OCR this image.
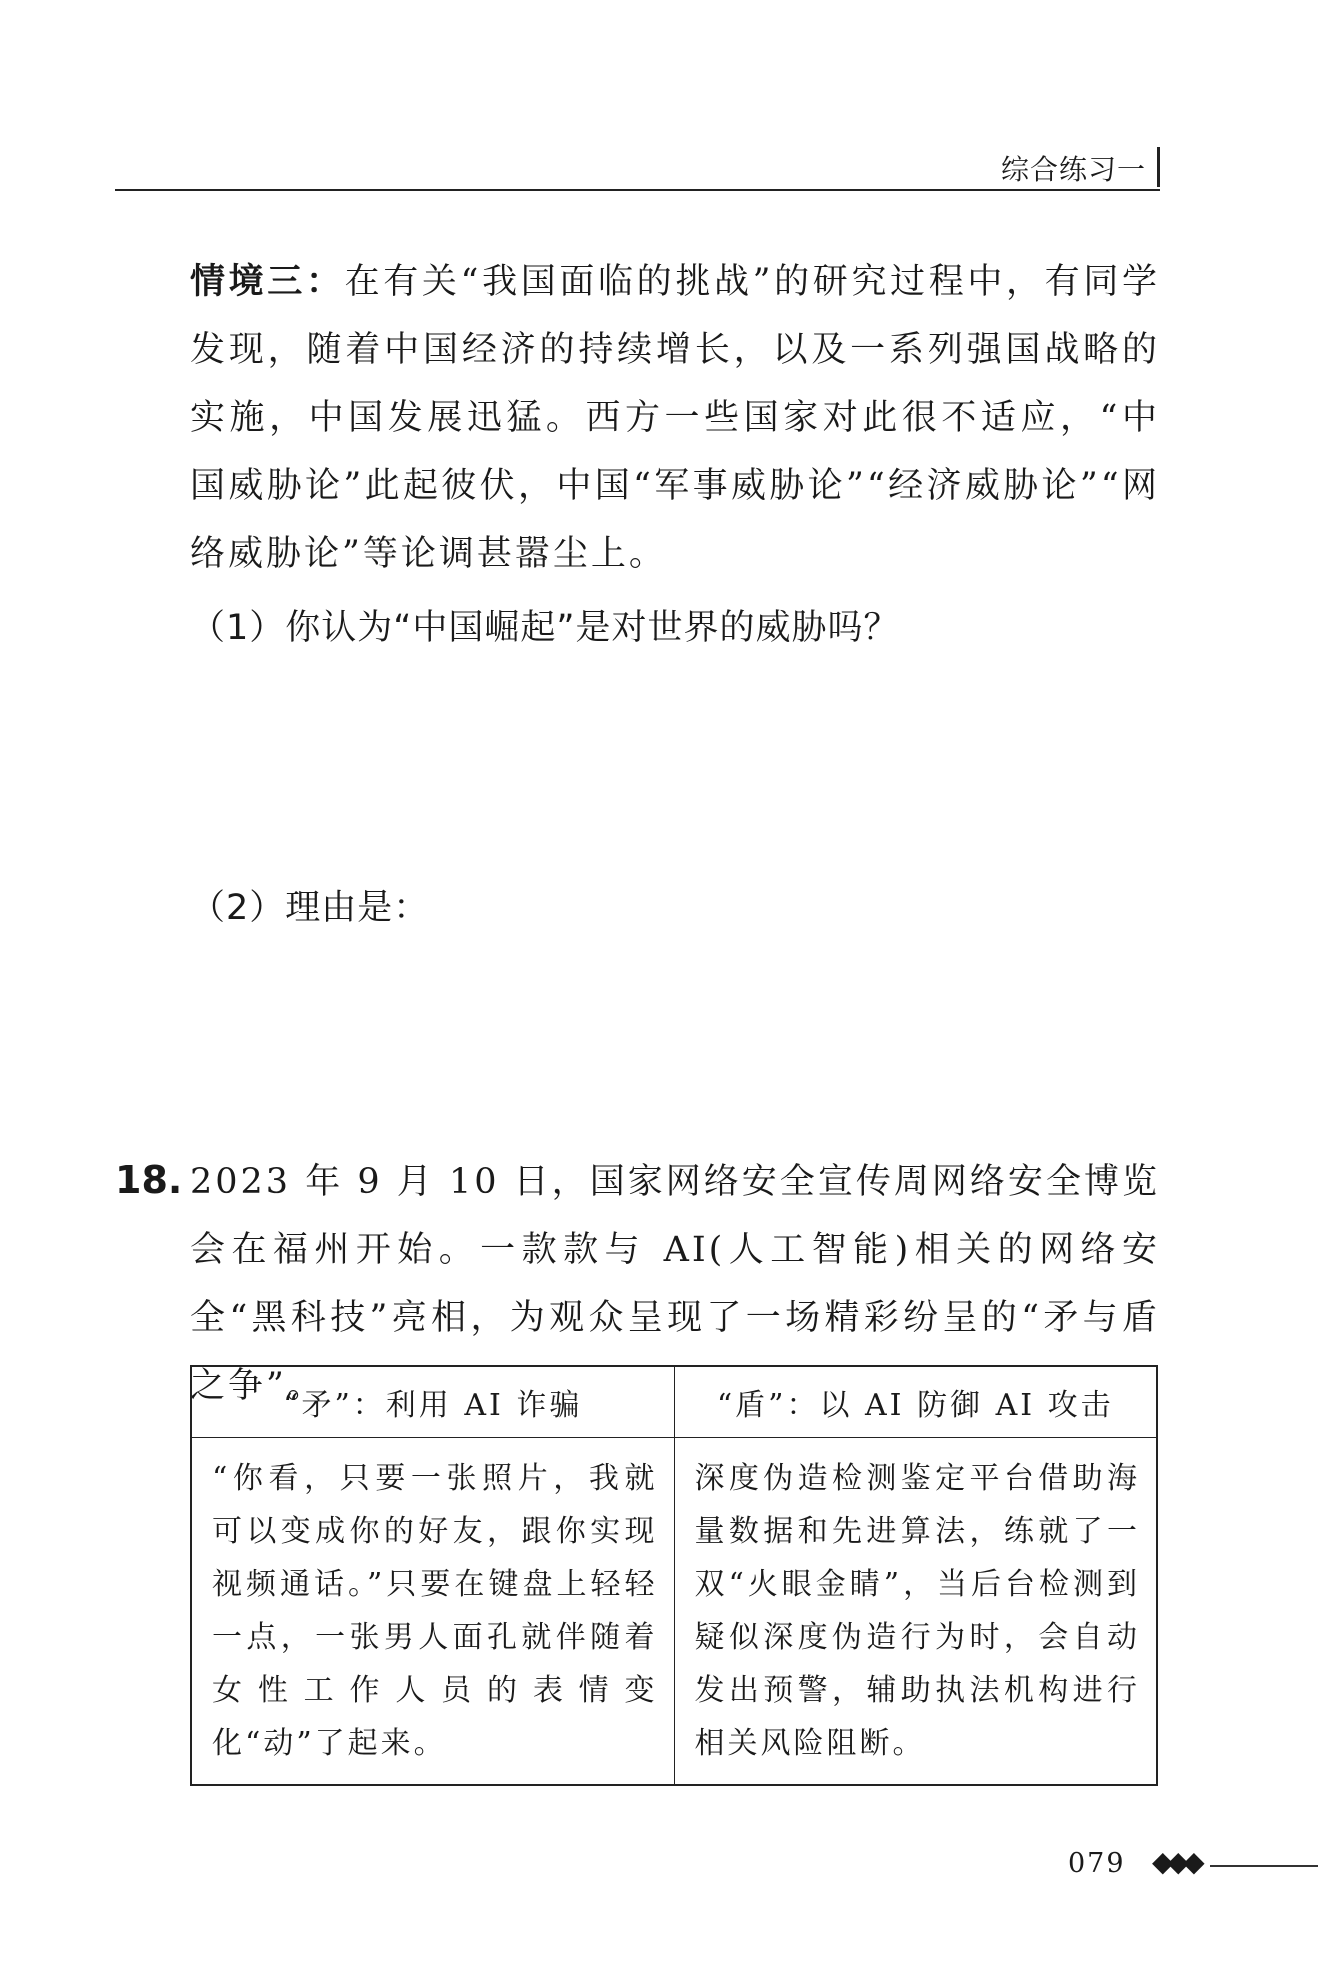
综合练习一
情境三：在有关“我国面临的挑战”的研究过程中，有同学发现，随着中国经济的持续增长，以及一系列强国战略的实施，中国发展迅猛。西方一些国家对此很不适应，“中国威胁论”此起彼伏，中国“军事威胁论”“经济威胁论”“网络威胁论”等论调甚嚣尘上。
（1）你认为“中国崛起”是对世界的威胁吗？
（2）理由是：
18. 2023 年 9 月 10 日，国家网络安全宣传周网络安全博览会在福州开始。一款款与 AI(人工智能)相关的网络安全“黑科技”亮相，为观众呈现了一场精彩纷呈的“矛与盾之争”。
“矛”：利用 AI 诈骗	“盾”：以 AI 防御 AI 攻击
“你看，只要一张照片，我就可以变成你的好友，跟你实现视频通话。”只要在键盘上轻轻一点，一张男人面孔就伴随着女性工作人员的表情变化“动”了起来。	深度伪造检测鉴定平台借助海量数据和先进算法，练就了一双“火眼金睛”，当后台检测到疑似深度伪造行为时，会自动发出预警，辅助执法机构进行相关风险阻断。
079 ◆◆◆
